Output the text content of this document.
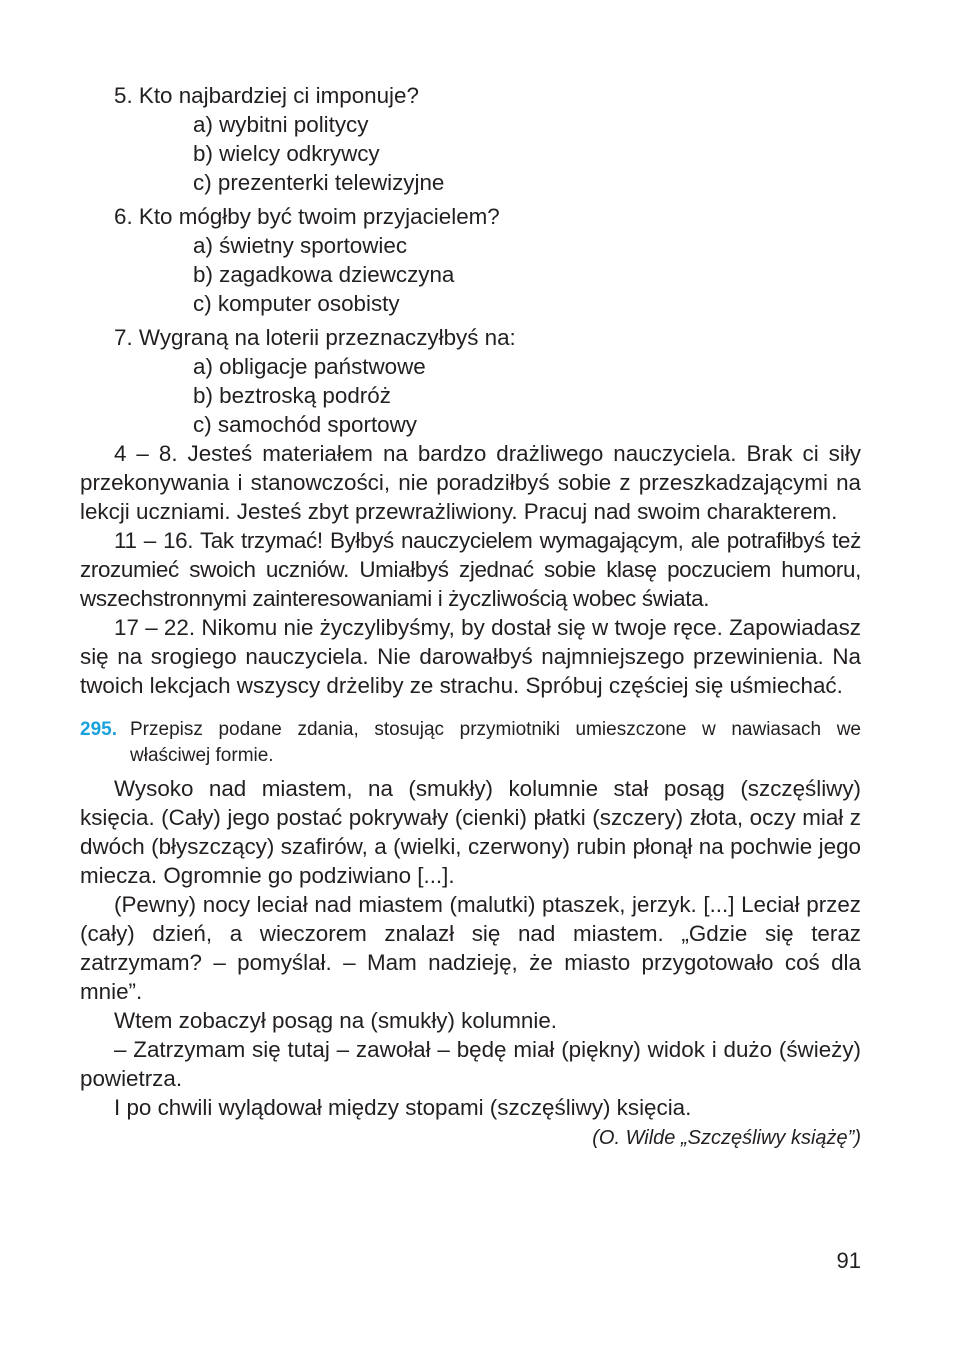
5. Kto najbardziej ci imponuje?
a) wybitni politycy
b) wielcy odkrywcy
c) prezenterki telewizyjne
6. Kto mógłby być twoim przyjacielem?
a) świetny sportowiec
b) zagadkowa dziewczyna
c) komputer osobisty
7. Wygraną na loterii przeznaczyłbyś na:
a) obligacje państwowe
b) beztroską podróż
c) samochód sportowy

4 – 8. Jesteś materiałem na bardzo drażliwego nauczyciela. Brak ci siły przekonywania i stanowczości, nie poradziłbyś sobie z przeszkadzającymi na lekcji uczniami. Jesteś zbyt przewrażliwiony. Pracuj nad swoim charakterem.

11 – 16. Tak trzymać! Byłbyś nauczycielem wymagającym, ale potrafiłbyś też zrozumieć swoich uczniów. Umiałbyś zjednać sobie klasę poczuciem humoru, wszechstronnymi zainteresowaniami i życzliwością wobec świata.

17 – 22. Nikomu nie życzylibyśmy, by dostał się w twoje ręce. Zapowiadasz się na srogiego nauczyciela. Nie darowałbyś najmniejszego przewinienia. Na twoich lekcjach wszyscy drżeliby ze strachu. Spróbuj częściej się uśmiechać.

295. Przepisz podane zdania, stosując przymiotniki umieszczone w nawiasach we właściwej formie.

Wysoko nad miastem, na (smukły) kolumnie stał posąg (szczęśliwy) księcia. (Cały) jego postać pokrywały (cienki) płatki (szczery) złota, oczy miał z dwóch (błyszczący) szafirów, a (wielki, czerwony) rubin płonął na pochwie jego miecza. Ogromnie go podziwiano [...].

(Pewny) nocy leciał nad miastem (malutki) ptaszek, jerzyk. [...] Leciał przez (cały) dzień, a wieczorem znalazł się nad miastem. „Gdzie się teraz zatrzymam? – pomyślał. – Mam nadzieję, że miasto przygotowało coś dla mnie”.

Wtem zobaczył posąg na (smukły) kolumnie.

– Zatrzymam się tutaj – zawołał – będę miał (piękny) widok i dużo (świeży) powietrza.

I po chwili wylądował między stopami (szczęśliwy) księcia.

(O. Wilde „Szczęśliwy książę”)
91
